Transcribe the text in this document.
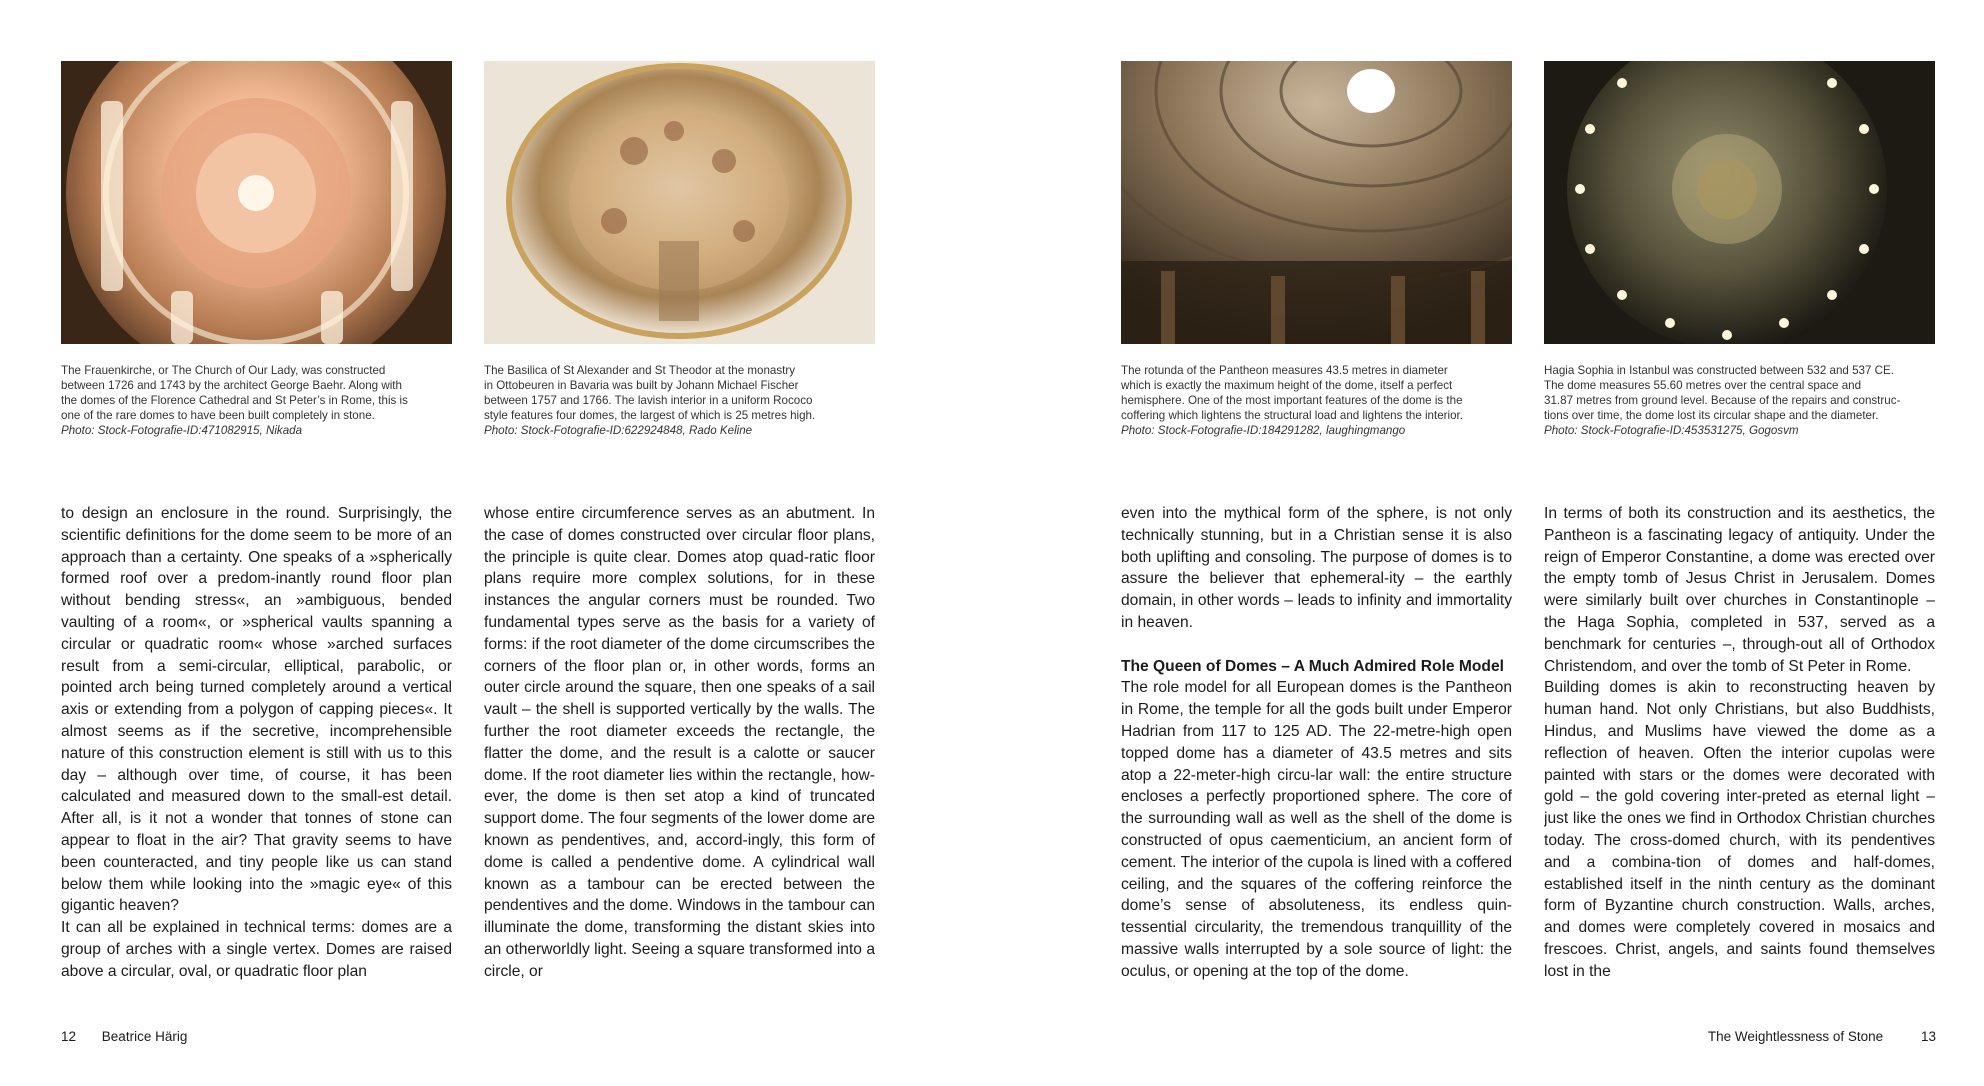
The Frauenkirche, or The Church of Our Lady, was constructed
between 1726 and 1743 by the architect George Baehr. Along with
the domes of the Florence Cathedral and St Peter’s in Rome, this is
one of the rare domes to have been built completely in stone.
Photo: Stock-Fotografie-ID:471082915, Nikada
The Basilica of St Alexander and St Theodor at the monastry
in Ottobeuren in Bavaria was built by Johann Michael Fischer
between 1757 and 1766. The lavish interior in a uniform Rococo
style features four domes, the largest of which is 25 metres high.
Photo: Stock-Fotografie-ID:622924848, Rado Keline
The rotunda of the Pantheon measures 43.5 metres in diameter
which is exactly the maximum height of the dome, itself a perfect
hemisphere. One of the most important features of the dome is the
coffering which lightens the structural load and lightens the interior.
Photo: Stock-Fotografie-ID:184291282, laughingmango
Hagia Sophia in Istanbul was constructed between 532 and 537 CE.
The dome measures 55.60 metres over the central space and
31.87 metres from ground level. Because of the repairs and construc-
tions over time, the dome lost its circular shape and the diameter.
Photo: Stock-Fotografie-ID:453531275, Gogosvm

to design an enclosure in the round. Surprisingly, the scientific definitions for the dome seem to be more of an approach than a certainty. One speaks of a »spherically formed roof over a predom-inantly round floor plan without bending stress«, an »ambiguous, bended vaulting of a room«, or »spherical vaults spanning a circular or quadratic room« whose »arched surfaces result from a semi-circular, elliptical, parabolic, or pointed arch being turned completely around a vertical axis or extending from a polygon of capping pieces«. It almost seems as if the secretive, incomprehensible nature of this construction element is still with us to this day – although over time, of course, it has been calculated and measured down to the small-est detail. After all, is it not a wonder that tonnes of stone can appear to float in the air? That gravity seems to have been counteracted, and tiny people like us can stand below them while looking into the »magic eye« of this gigantic heaven?

It can all be explained in technical terms: domes are a group of arches with a single vertex. Domes are raised above a circular, oval, or quadratic floor plan

whose entire circumference serves as an abutment. In the case of domes constructed over circular floor plans, the principle is quite clear. Domes atop quad-ratic floor plans require more complex solutions, for in these instances the angular corners must be rounded. Two fundamental types serve as the basis for a variety of forms: if the root diameter of the dome circumscribes the corners of the floor plan or, in other words, forms an outer circle around the square, then one speaks of a sail vault – the shell is supported vertically by the walls. The further the root diameter exceeds the rectangle, the flatter the dome, and the result is a calotte or saucer dome. If the root diameter lies within the rectangle, how-ever, the dome is then set atop a kind of truncated support dome. The four segments of the lower dome are known as pendentives, and, accord-ingly, this form of dome is called a pendentive dome. A cylindrical wall known as a tambour can be erected between the pendentives and the dome. Windows in the tambour can illuminate the dome, transforming the distant skies into an otherworldly light. Seeing a square transformed into a circle, or

even into the mythical form of the sphere, is not only technically stunning, but in a Christian sense it is also both uplifting and consoling. The purpose of domes is to assure the believer that ephemeral-ity – the earthly domain, in other words – leads to infinity and immortality in heaven.

The Queen of Domes – A Much Admired Role Model

The role model for all European domes is the Pantheon in Rome, the temple for all the gods built under Emperor Hadrian from 117 to 125 AD. The 22-metre-high open topped dome has a diameter of 43.5 metres and sits atop a 22-meter-high circu-lar wall: the entire structure encloses a perfectly proportioned sphere. The core of the surrounding wall as well as the shell of the dome is constructed of opus caementicium, an ancient form of cement. The interior of the cupola is lined with a coffered ceiling, and the squares of the coffering reinforce the dome’s sense of absoluteness, its endless quin-tessential circularity, the tremendous tranquillity of the massive walls interrupted by a sole source of light: the oculus, or opening at the top of the dome.

In terms of both its construction and its aesthetics, the Pantheon is a fascinating legacy of antiquity. Under the reign of Emperor Constantine, a dome was erected over the empty tomb of Jesus Christ in Jerusalem. Domes were similarly built over churches in Constantinople – the Haga Sophia, completed in 537, served as a benchmark for centuries –, through-out all of Orthodox Christendom, and over the tomb of St Peter in Rome.

Building domes is akin to reconstructing heaven by human hand. Not only Christians, but also Buddhists, Hindus, and Muslims have viewed the dome as a reflection of heaven. Often the interior cupolas were painted with stars or the domes were decorated with gold – the gold covering inter-preted as eternal light – just like the ones we find in Orthodox Christian churches today. The cross-domed church, with its pendentives and a combina-tion of domes and half-domes, established itself in the ninth century as the dominant form of Byzantine church construction. Walls, arches, and domes were completely covered in mosaics and frescoes. Christ, angels, and saints found themselves lost in the

12 Beatrice Härig	The Weightlessness of Stone	13
